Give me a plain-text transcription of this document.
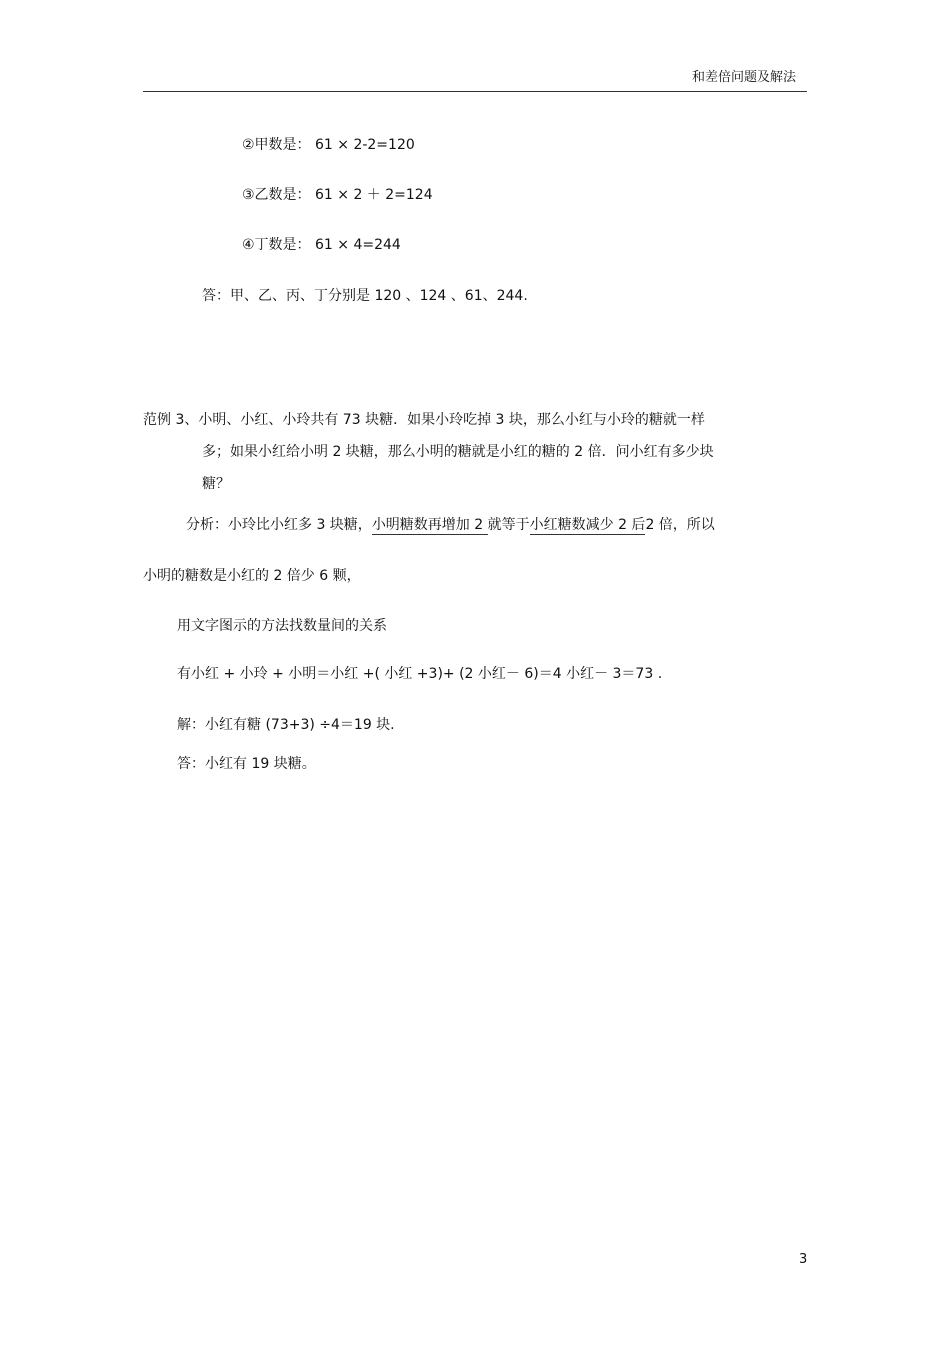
和差倍问题及解法
②甲数是： 61 × 2-2=120
③乙数是： 61 × 2 ＋ 2=124
④丁数是： 61 × 4=244
答：甲、乙、丙、丁分别是 120 、124 、61、244.
范例 3、小明、小红、小玲共有 73 块糖．如果小玲吃掉 3 块，那么小红与小玲的糖就一样
多；如果小红给小明 2 块糖，那么小明的糖就是小红的糖的 2 倍．问小红有多少块
糖？
分析：小玲比小红多 3 块糖，小明糖数再增加 2 就等于小红糖数减少 2 后2 倍，所以
小明的糖数是小红的 2 倍少 6 颗，
用文字图示的方法找数量间的关系
有小红 + 小玲 + 小明＝小红 +( 小红 +3)+ (2 小红－ 6)＝4 小红－ 3＝73 .
解：小红有糖 (73+3) ÷4＝19 块.
答：小红有 19 块糖。
3
